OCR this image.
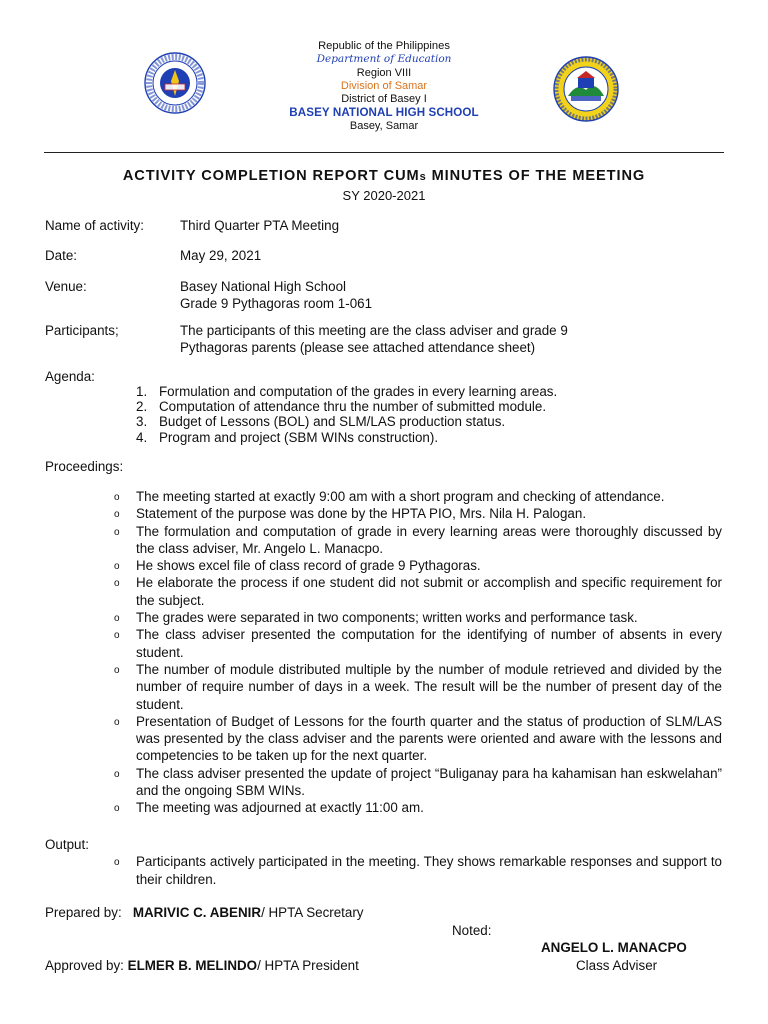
Republic of the Philippines
Department of Education
Region VIII
Division of Samar
District of Basey I
BASEY NATIONAL HIGH SCHOOL
Basey, Samar
ACTIVITY COMPLETION REPORT CUMs MINUTES OF THE MEETING
SY 2020-2021
Name of activity:	Third Quarter PTA Meeting
Date:	May 29, 2021
Venue:	Basey National High School
Grade 9 Pythagoras room 1-061
Participants;	The participants of this meeting are the class adviser and grade 9
Pythagoras parents (please see attached attendance sheet)
Agenda:
1. Formulation and computation of the grades in every learning areas.
2. Computation of attendance thru the number of submitted module.
3. Budget of Lessons (BOL) and SLM/LAS production status.
4. Program and project (SBM WINs construction).
Proceedings:
o The meeting started at exactly 9:00 am with a short program and checking of attendance.
o Statement of the purpose was done by the HPTA PIO, Mrs. Nila H. Palogan.
o The formulation and computation of grade in every learning areas were thoroughly discussed by the class adviser, Mr. Angelo L. Manacpo.
o He shows excel file of class record of grade 9 Pythagoras.
o He elaborate the process if one student did not submit or accomplish and specific requirement for the subject.
o The grades were separated in two components; written works and performance task.
o The class adviser presented the computation for the identifying of number of absents in every student.
o The number of module distributed multiple by the number of module retrieved and divided by the number of require number of days in a week. The result will be the number of present day of the student.
o Presentation of Budget of Lessons for the fourth quarter and the status of production of SLM/LAS was presented by the class adviser and the parents were oriented and aware with the lessons and competencies to be taken up for the next quarter.
o The class adviser presented the update of project “Buliganay para ha kahamisan han eskwelahan” and the ongoing SBM WINs.
o The meeting was adjourned at exactly 11:00 am.
Output:
o Participants actively participated in the meeting. They shows remarkable responses and support to their children.
Prepared by: MARIVIC C. ABENIR/ HPTA Secretary
Noted:
ANGELO L. MANACPO
Class Adviser
Approved by: ELMER B. MELINDO/ HPTA President
